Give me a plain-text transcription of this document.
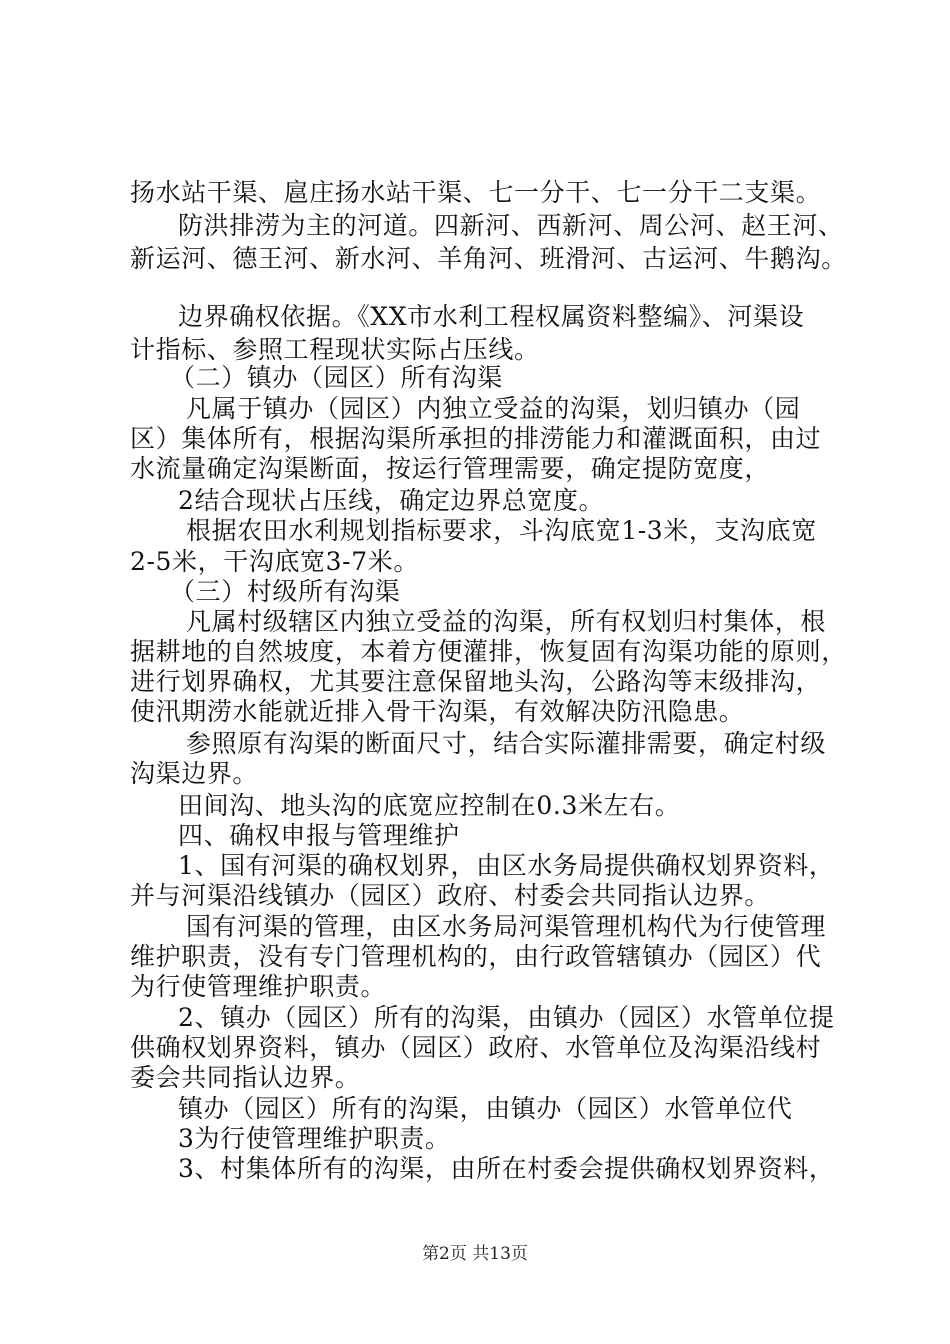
扬水站干渠、扈庄扬水站干渠、七一分干、七一分干二支渠。
防洪排涝为主的河道。四新河、西新河、周公河、赵王河、
新运河、德王河、新水河、羊角河、班滑河、古运河、牛鹅沟。
边界确权依据。《XX市水利工程权属资料整编》、河渠设
计指标、参照工程现状实际占压线。
（二）镇办（园区）所有沟渠
凡属于镇办（园区）内独立受益的沟渠，划归镇办（园
区）集体所有，根据沟渠所承担的排涝能力和灌溉面积，由过
水流量确定沟渠断面，按运行管理需要，确定提防宽度，
2结合现状占压线，确定边界总宽度。
根据农田水利规划指标要求，斗沟底宽1-3米，支沟底宽
2-5米，干沟底宽3-7米。
（三）村级所有沟渠
凡属村级辖区内独立受益的沟渠，所有权划归村集体，根
据耕地的自然坡度，本着方便灌排，恢复固有沟渠功能的原则，
进行划界确权，尤其要注意保留地头沟，公路沟等末级排沟，
使汛期涝水能就近排入骨干沟渠，有效解决防汛隐患。
参照原有沟渠的断面尺寸，结合实际灌排需要，确定村级
沟渠边界。
田间沟、地头沟的底宽应控制在0.3米左右。
四、确权申报与管理维护
1、国有河渠的确权划界，由区水务局提供确权划界资料，
并与河渠沿线镇办（园区）政府、村委会共同指认边界。
国有河渠的管理，由区水务局河渠管理机构代为行使管理
维护职责，没有专门管理机构的，由行政管辖镇办（园区）代
为行使管理维护职责。
2、镇办（园区）所有的沟渠，由镇办（园区）水管单位提
供确权划界资料，镇办（园区）政府、水管单位及沟渠沿线村
委会共同指认边界。
镇办（园区）所有的沟渠，由镇办（园区）水管单位代
3为行使管理维护职责。
3、村集体所有的沟渠，由所在村委会提供确权划界资料，
第2页 共13页
